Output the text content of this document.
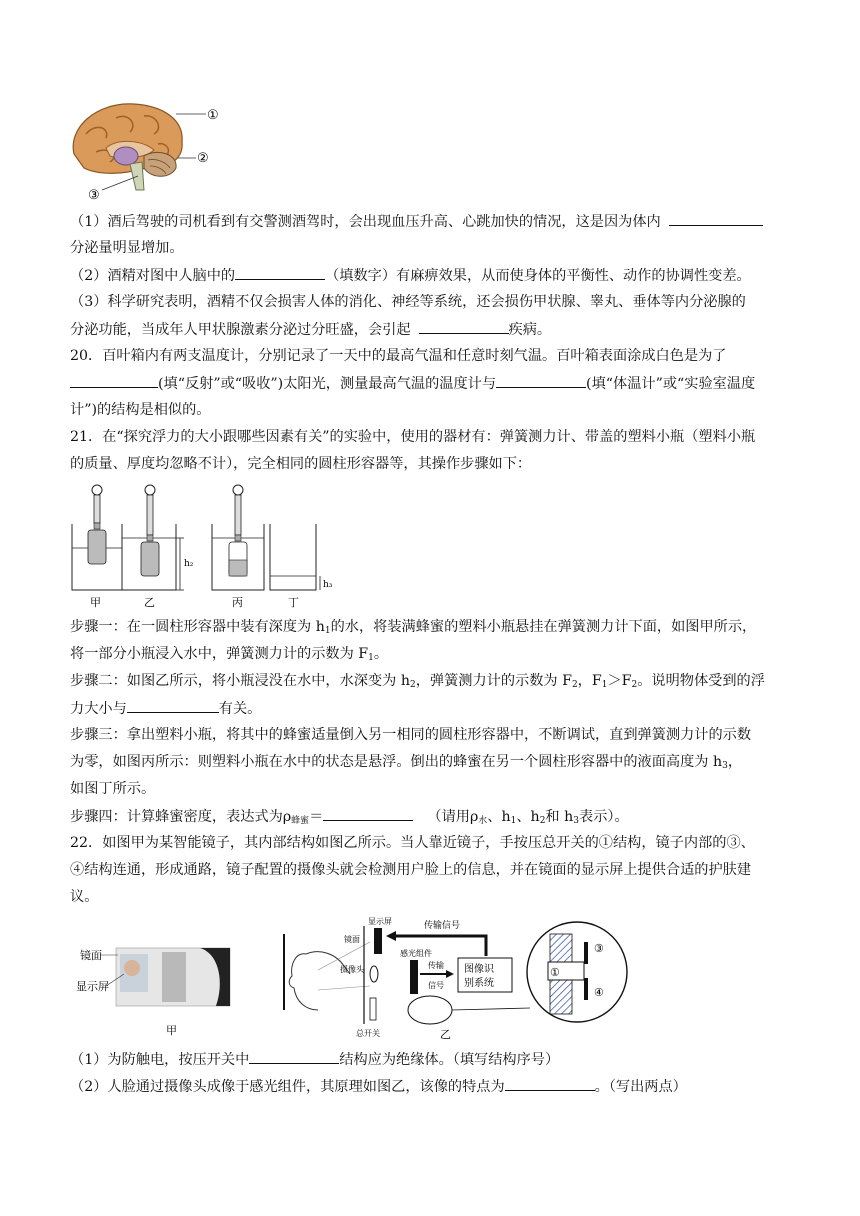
①
②
③
（1）酒后驾驶的司机看到有交警测酒驾时，会出现血压升高、心跳加快的情况，这是因为体内
分泌量明显增加。
（2）酒精对图中人脑中的	（填数字）有麻痹效果，从而使身体的平衡性、动作的协调性变差。
（3）科学研究表明，酒精不仅会损害人体的消化、神经等系统，还会损伤甲状腺、睾丸、垂体等内分泌腺的
分泌功能，当成年人甲状腺激素分泌过分旺盛，会引起	疾病。
20．百叶箱内有两支温度计，分别记录了一天中的最高气温和任意时刻气温。百叶箱表面涂成白色是为了
(填“反射”或“吸收”)太阳光，测量最高气温的温度计与	(填“体温计”或“实验室温度
计”)的结构是相似的。
21．在“探究浮力的大小跟哪些因素有关”的实验中，使用的器材有：弹簧测力计、带盖的塑料小瓶（塑料小瓶
的质量、厚度均忽略不计），完全相同的圆柱形容器等，其操作步骤如下：
h₂
h₃
甲	乙	丙	丁
步骤一：在一圆柱形容器中装有深度为 $h_1$的水，将装满蜂蜜的塑料小瓶悬挂在弹簧测力计下面，如图甲所示，
将一部分小瓶浸入水中，弹簧测力计的示数为 $F_1$。
步骤二：如图乙所示，将小瓶浸没在水中，水深变为 $h_2$，弹簧测力计的示数为 $F_2$，$F_1>F_2$。说明物体受到的浮
力大小与	有关。
步骤三：拿出塑料小瓶，将其中的蜂蜜适量倒入另一相同的圆柱形容器中，不断调试，直到弹簧测力计的示数
为零，如图丙所示：则塑料小瓶在水中的状态是悬浮。倒出的蜂蜜在另一个圆柱形容器中的液面高度为 $h_3$，
如图丁所示。
步骤四：计算蜂蜜密度，表达式为$\rho_{蜂蜜}=$	（请用$\rho_水$、$h_1$、$h_2$和 $h_3$表示）。
22．如图甲为某智能镜子，其内部结构如图乙所示。当人靠近镜子，手按压总开关的①结构，镜子内部的③、
④结构连通，形成通路，镜子配置的摄像头就会检测用户脸上的信息，并在镜面的显示屏上提供合适的护肤建
议。
镜面
显示屏
甲
显示屏
镜面
摄像头
感光组件
传输
信号
图像识
别系统
传输信号
总开关	乙
①
③
④
（1）为防触电，按压开关中	结构应为绝缘体。（填写结构序号）
（2）人脸通过摄像头成像于感光组件，其原理如图乙，该像的特点为	。（写出两点）
